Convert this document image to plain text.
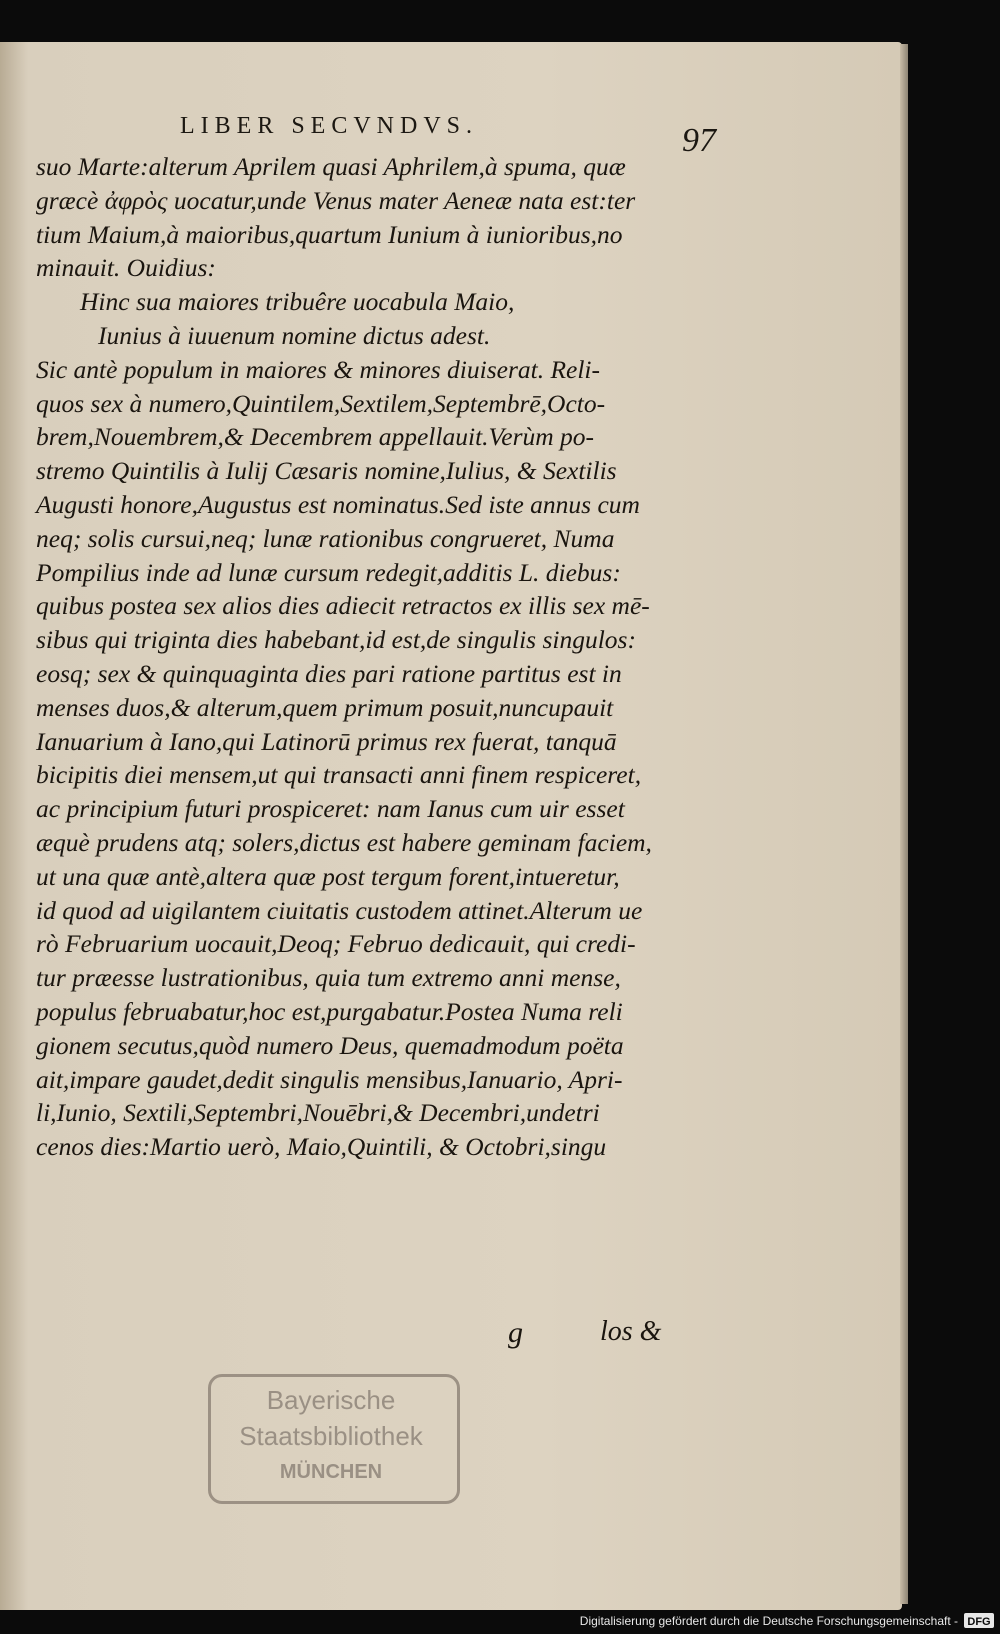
LIBER SECVNDVS.	97
suo Marte:alterum Aprilem quasi Aphrilem,à spuma, quæ
græcè ἀφρὸς uocatur,unde Venus mater Aeneæ nata est:ter
tium Maium,à maioribus,quartum Iunium à iunioribus,no
minauit. Ouidius:
Hinc sua maiores tribuêre uocabula Maio,
Iunius à iuuenum nomine dictus adest.
Sic antè populum in maiores & minores diuiserat. Reli-
quos sex à numero,Quintilem,Sextilem,Septembrē,Octo-
brem,Nouembrem,& Decembrem appellauit.Verùm po-
stremo Quintilis à Iulij Cæsaris nomine,Iulius, & Sextilis
Augusti honore,Augustus est nominatus.Sed iste annus cum
neq; solis cursui,neq; lunæ rationibus congrueret, Numa
Pompilius inde ad lunæ cursum redegit,additis L. diebus:
quibus postea sex alios dies adiecit retractos ex illis sex mē-
sibus qui triginta dies habebant,id est,de singulis singulos:
eosq; sex & quinquaginta dies pari ratione partitus est in
menses duos,& alterum,quem primum posuit,nuncupauit
Ianuarium à Iano,qui Latinorū primus rex fuerat, tanquā
bicipitis diei mensem,ut qui transacti anni finem respiceret,
ac principium futuri prospiceret: nam Ianus cum uir esset
æquè prudens atq; solers,dictus est habere geminam faciem,
ut una quæ antè,altera quæ post tergum forent,intueretur,
id quod ad uigilantem ciuitatis custodem attinet.Alterum ue
rò Februarium uocauit,Deoq; Februo dedicauit, qui credi-
tur præesse lustrationibus, quia tum extremo anni mense,
populus februabatur,hoc est,purgabatur.Postea Numa reli
gionem secutus,quòd numero Deus, quemadmodum poëta
ait,impare gaudet,dedit singulis mensibus,Ianuario, Apri-
li,Iunio, Sextili,Septembri,Nouēbri,& Decembri,undetri
cenos dies:Martio uerò, Maio,Quintili, & Octobri,singu
g	los &
Bayerische
Staatsbibliothek
MÜNCHEN
Digitalisierung gefördert durch die Deutsche Forschungsgemeinschaft - DFG
